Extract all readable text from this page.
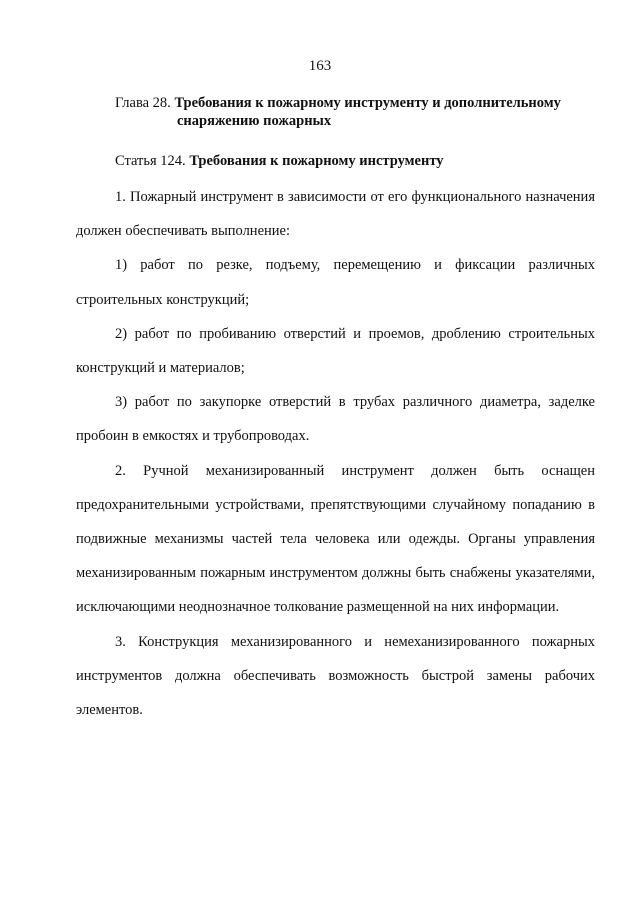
163
Глава 28. Требования к пожарному инструменту и дополнительному
снаряжению пожарных
Статья 124. Требования к пожарному инструменту

1. Пожарный инструмент в зависимости от его функционального назначения должен обеспечивать выполнение:

1) работ по резке, подъему, перемещению и фиксации различных строительных конструкций;

2) работ по пробиванию отверстий и проемов, дроблению строительных конструкций и материалов;

3) работ по закупорке отверстий в трубах различного диаметра, заделке пробоин в емкостях и трубопроводах.

2. Ручной механизированный инструмент должен быть оснащен предохранительными устройствами, препятствующими случайному попаданию в подвижные механизмы частей тела человека или одежды. Органы управления механизированным пожарным инструментом должны быть снабжены указателями, исключающими неоднозначное толкование размещенной на них информации.

3. Конструкция механизированного и немеханизированного пожарных инструментов должна обеспечивать возможность быстрой замены рабочих элементов.
